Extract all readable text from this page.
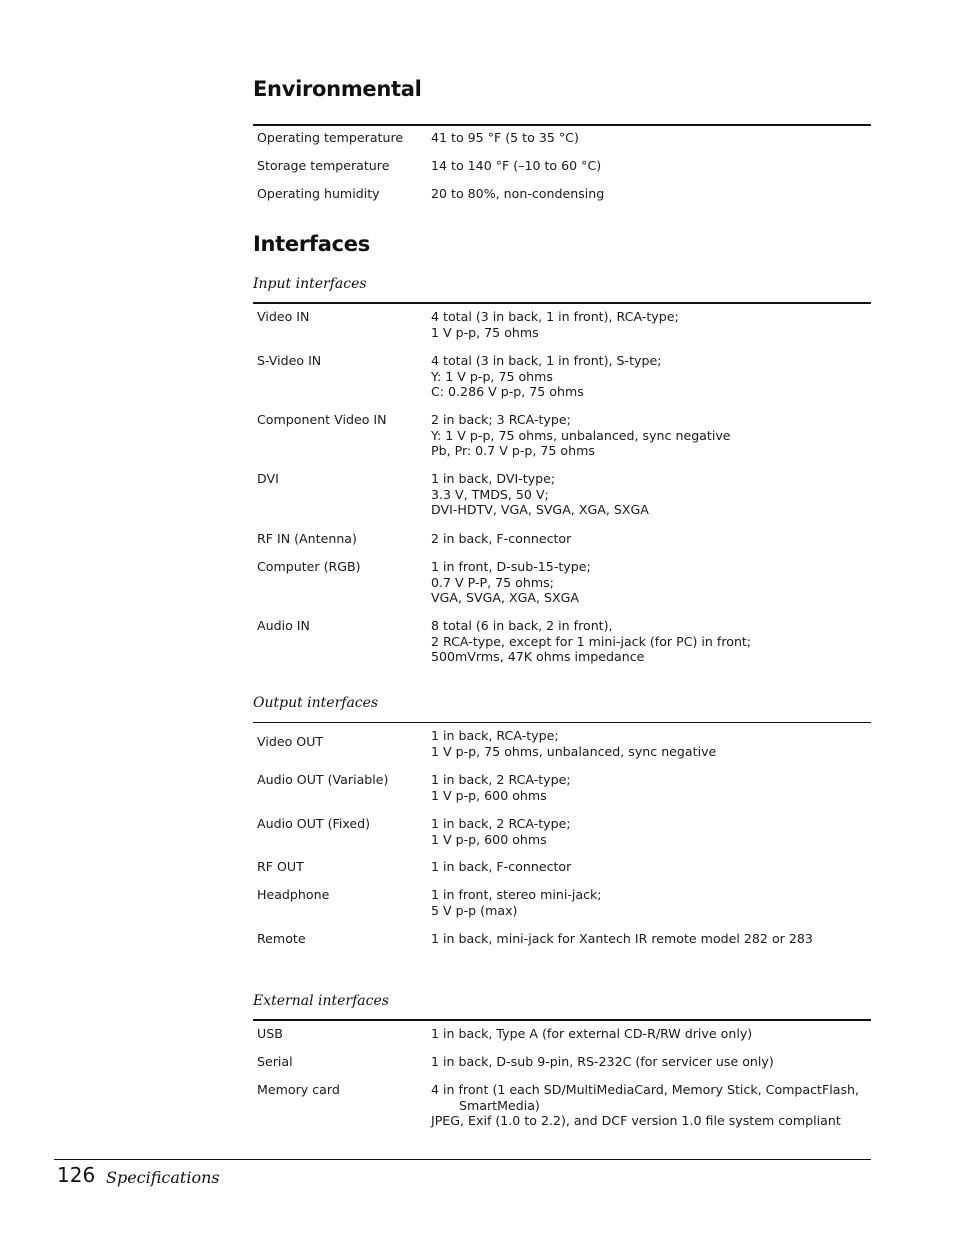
Environmental
Operating temperature	41 to 95 °F (5 to 35 °C)
Storage temperature	14 to 140 °F (–10 to 60 °C)
Operating humidity	20 to 80%, non-condensing
Interfaces
Input interfaces
Video IN	4 total (3 in back, 1 in front), RCA-type;
1 V p-p, 75 ohms
S-Video IN	4 total (3 in back, 1 in front), S-type;
Y: 1 V p-p, 75 ohms
C: 0.286 V p-p, 75 ohms
Component Video IN	2 in back; 3 RCA-type;
Y: 1 V p-p, 75 ohms, unbalanced, sync negative
Pb, Pr: 0.7 V p-p, 75 ohms
DVI	1 in back, DVI-type;
3.3 V, TMDS, 50 V;
DVI-HDTV, VGA, SVGA, XGA, SXGA
RF IN (Antenna)	2 in back, F-connector
Computer (RGB)	1 in front, D-sub-15-type;
0.7 V P-P, 75 ohms;
VGA, SVGA, XGA, SXGA
Audio IN	8 total (6 in back, 2 in front),
2 RCA-type, except for 1 mini-jack (for PC) in front;
500mVrms, 47K ohms impedance
Output interfaces
Video OUT	1 in back, RCA-type;
1 V p-p, 75 ohms, unbalanced, sync negative
Audio OUT (Variable)	1 in back, 2 RCA-type;
1 V p-p, 600 ohms
Audio OUT (Fixed)	1 in back, 2 RCA-type;
1 V p-p, 600 ohms
RF OUT	1 in back, F-connector
Headphone	1 in front, stereo mini-jack;
5 V p-p (max)
Remote	1 in back, mini-jack for Xantech IR remote model 282 or 283
External interfaces
USB	1 in back, Type A (for external CD-R/RW drive only)
Serial	1 in back, D-sub 9-pin, RS-232C (for servicer use only)
Memory card	4 in front (1 each SD/MultiMediaCard, Memory Stick, CompactFlash,
SmartMedia)
JPEG, Exif (1.0 to 2.2), and DCF version 1.0 file system compliant
126 Specifications
